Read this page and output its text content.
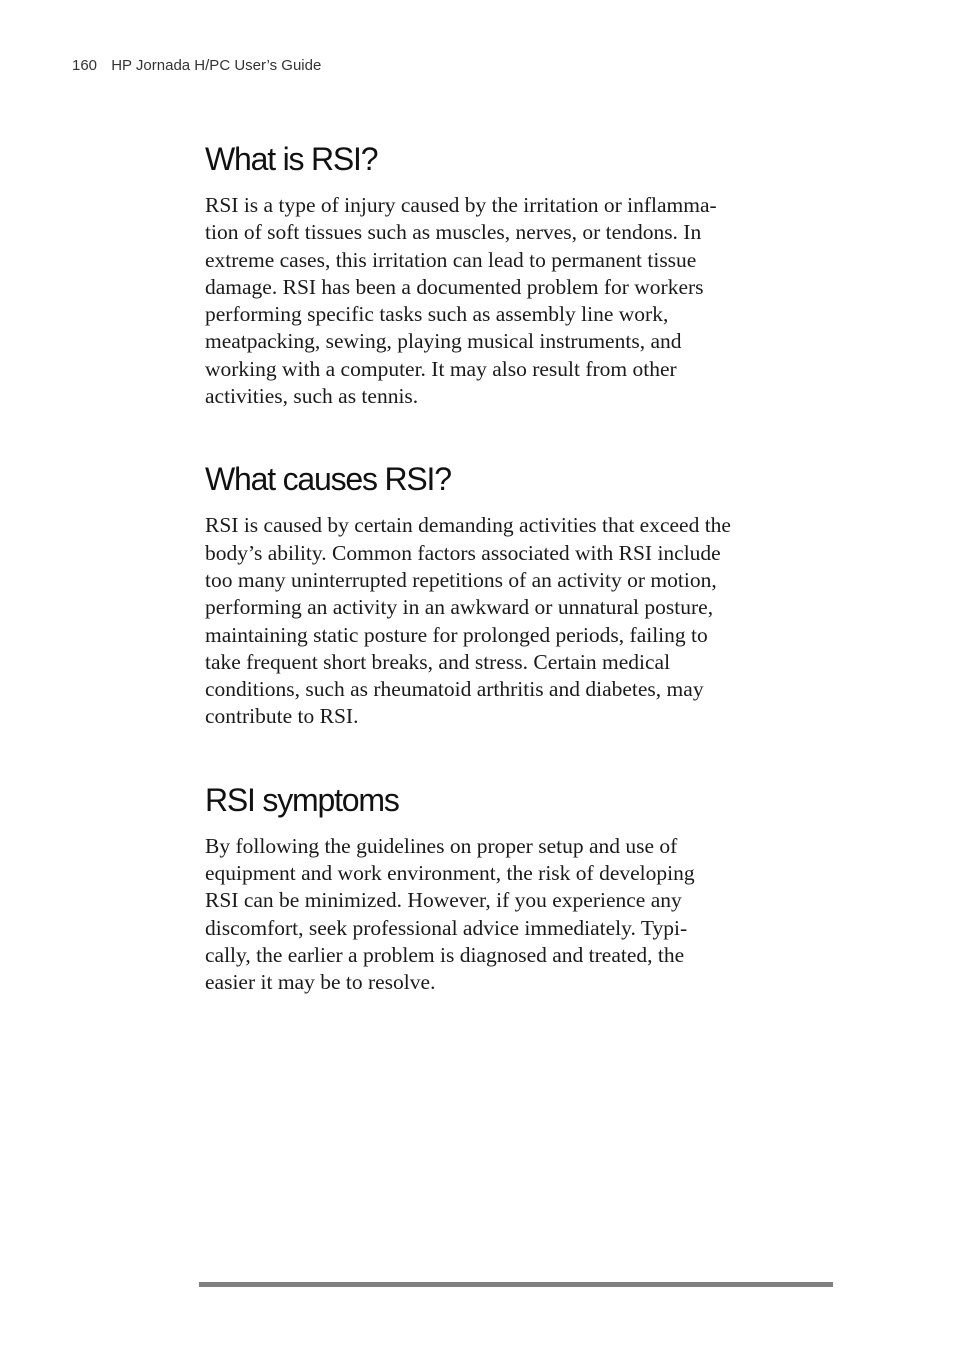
160 HP Jornada H/PC User’s Guide
What is RSI?

RSI is a type of injury caused by the irritation or inflamma-
tion of soft tissues such as muscles, nerves, or tendons. In
extreme cases, this irritation can lead to permanent tissue
damage. RSI has been a documented problem for workers
performing specific tasks such as assembly line work,
meatpacking, sewing, playing musical instruments, and
working with a computer. It may also result from other
activities, such as tennis.

What causes RSI?

RSI is caused by certain demanding activities that exceed the
body’s ability. Common factors associated with RSI include
too many uninterrupted repetitions of an activity or motion,
performing an activity in an awkward or unnatural posture,
maintaining static posture for prolonged periods, failing to
take frequent short breaks, and stress. Certain medical
conditions, such as rheumatoid arthritis and diabetes, may
contribute to RSI.

RSI symptoms

By following the guidelines on proper setup and use of
equipment and work environment, the risk of developing
RSI can be minimized. However, if you experience any
discomfort, seek professional advice immediately. Typi-
cally, the earlier a problem is diagnosed and treated, the
easier it may be to resolve.
